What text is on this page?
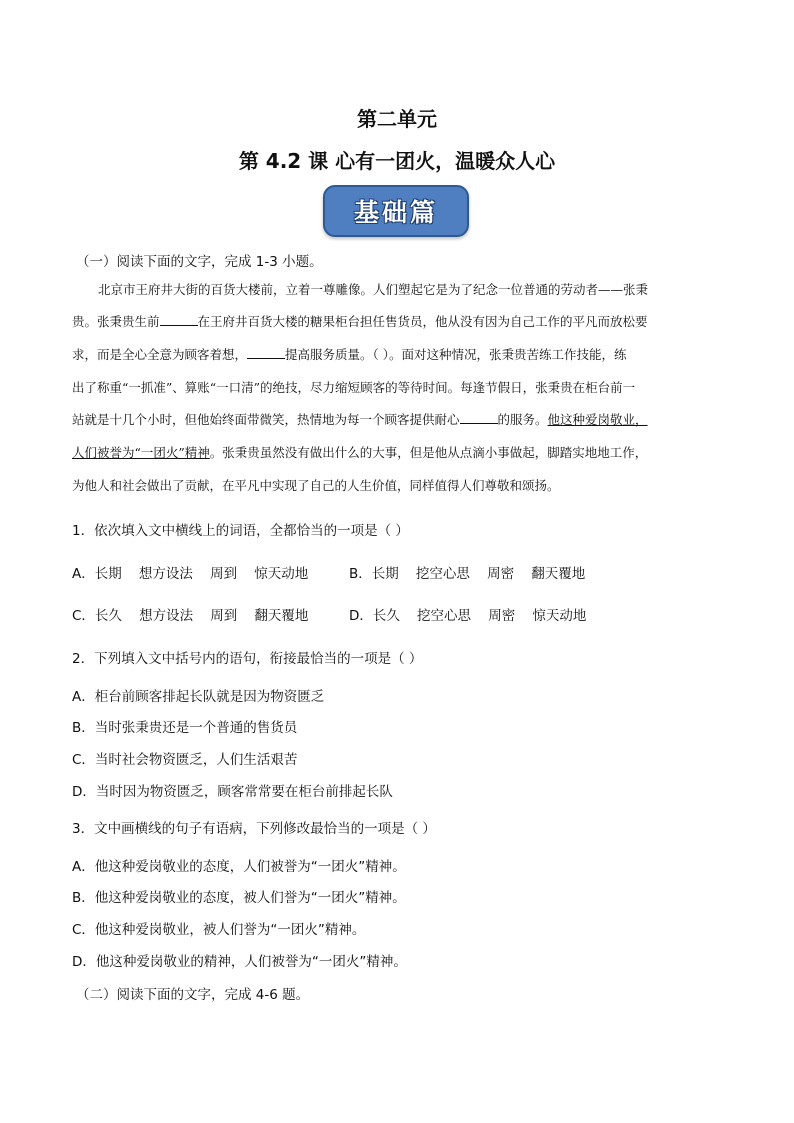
第二单元
第 4.2 课 心有一团火，温暖众人心
基础篇
（一）阅读下面的文字，完成 1-3 小题。
北京市王府井大街的百货大楼前，立着一尊雕像。人们塑起它是为了纪念一位普通的劳动者——张秉
贵。张秉贵生前	在王府井百货大楼的糖果柜台担任售货员，他从没有因为自己工作的平凡而放松要
求，而是全心全意为顾客着想，	提高服务质量。（ ）。面对这种情况，张秉贵苦练工作技能，练
出了称重“一抓准”、算账“一口清”的绝技，尽力缩短顾客的等待时间。每逢节假日，张秉贵在柜台前一
站就是十几个小时，但他始终面带微笑，热情地为每一个顾客提供耐心	的服务。他这种爱岗敬业，
人们被誉为“一团火”精神。张秉贵虽然没有做出什么的大事，但是他从点滴小事做起，脚踏实地地工作，
为他人和社会做出了贡献，在平凡中实现了自己的人生价值，同样值得人们尊敬和颂扬。
1．依次填入文中横线上的词语，全都恰当的一项是（ ）
A．长期    想方设法    周到    惊天动地	B．长期    挖空心思    周密    翻天覆地
C．长久    想方设法    周到    翻天覆地	D．长久    挖空心思    周密    惊天动地
2．下列填入文中括号内的语句，衔接最恰当的一项是（ ）
A．柜台前顾客排起长队就是因为物资匮乏
B．当时张秉贵还是一个普通的售货员
C．当时社会物资匮乏，人们生活艰苦
D．当时因为物资匮乏，顾客常常要在柜台前排起长队
3．文中画横线的句子有语病，下列修改最恰当的一项是（ ）
A．他这种爱岗敬业的态度，人们被誉为“一团火”精神。
B．他这种爱岗敬业的态度，被人们誉为“一团火”精神。
C．他这种爱岗敬业，被人们誉为“一团火”精神。
D．他这种爱岗敬业的精神，人们被誉为“一团火”精神。
（二）阅读下面的文字，完成 4-6 题。
